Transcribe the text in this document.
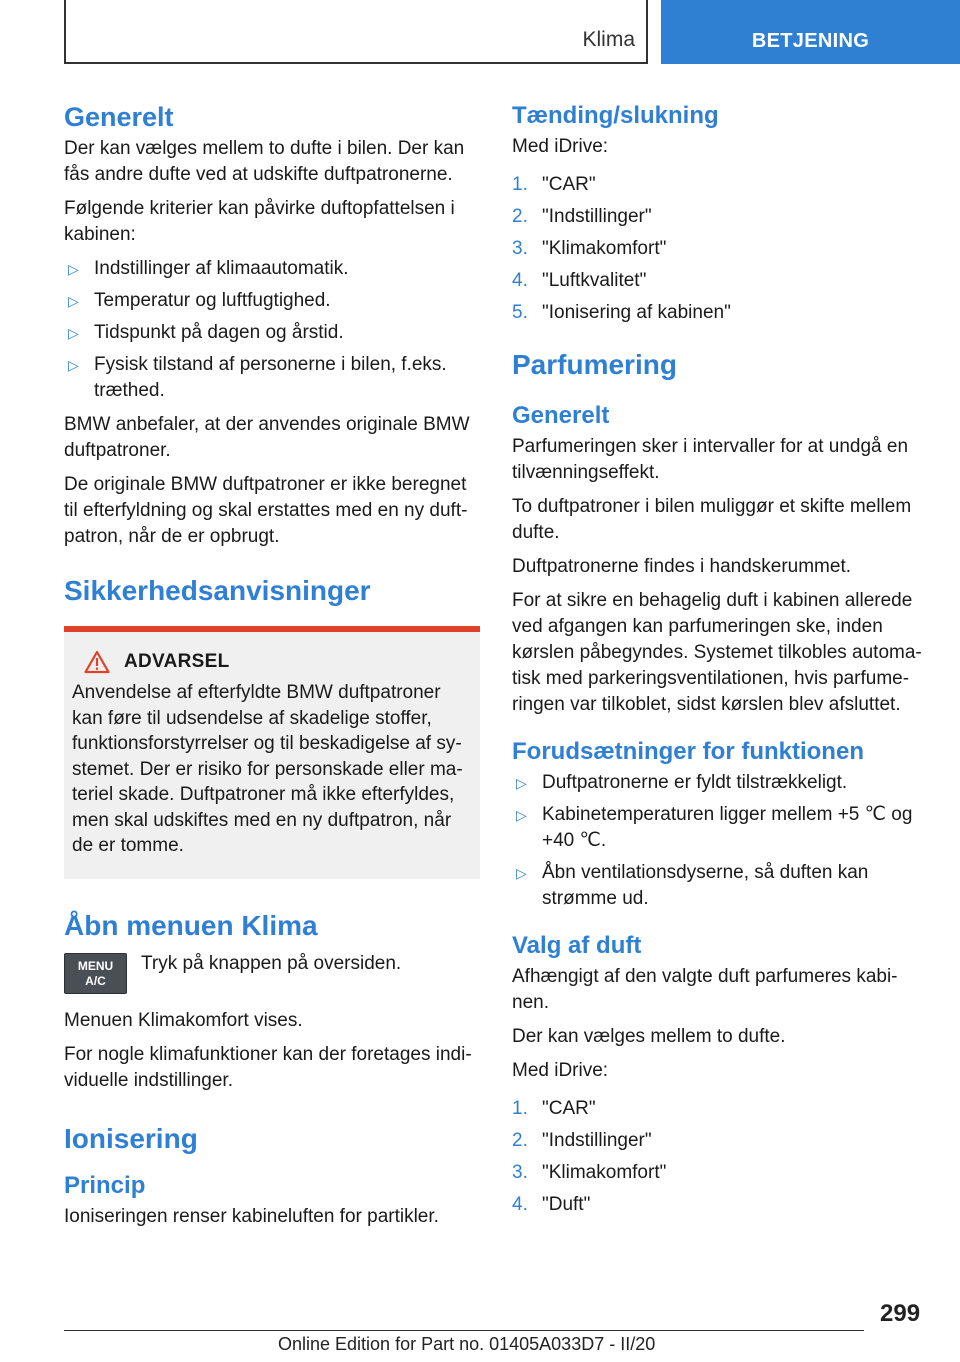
Klima	BETJENING
Generelt

Der kan vælges mellem to dufte i bilen. Der kan fås andre dufte ved at udskifte duftpatronerne.

Følgende kriterier kan påvirke duftopfattelsen i kabinen:

▷ Indstillinger af klimaautomatik.
▷ Temperatur og luftfugtighed.
▷ Tidspunkt på dagen og årstid.
▷ Fysisk tilstand af personerne i bilen, f.eks. træthed.

BMW anbefaler, at der anvendes originale BMW duftpatroner.

De originale BMW duftpatroner er ikke beregnet til efterfyldning og skal erstattes med en ny duft-patron, når de er opbrugt.

Sikkerhedsanvisninger
ADVARSEL

Anvendelse af efterfyldte BMW duftpatroner kan føre til udsendelse af skadelige stoffer, funktionsforstyrrelser og til beskadigelse af sy-stemet. Der er risiko for personskade eller ma-teriel skade. Duftpatroner må ikke efterfyldes, men skal udskiftes med en ny duftpatron, når de er tomme.

Åbn menuen Klima
MENU
A/C

Tryk på knappen på oversiden.

Menuen Klimakomfort vises.

For nogle klimafunktioner kan der foretages indi-viduelle indstillinger.

Ionisering
Princip

Ioniseringen renser kabineluften for partikler.

Tænding/slukning

Med iDrive:

1. "CAR"
2. "Indstillinger"
3. "Klimakomfort"
4. "Luftkvalitet"
5. "Ionisering af kabinen"
Parfumering
Generelt

Parfumeringen sker i intervaller for at undgå en tilvænningseffekt.

To duftpatroner i bilen muliggør et skifte mellem dufte.

Duftpatronerne findes i handskerummet.

For at sikre en behagelig duft i kabinen allerede ved afgangen kan parfumeringen ske, inden kørslen påbegyndes. Systemet tilkobles automa-tisk med parkeringsventilationen, hvis parfume-ringen var tilkoblet, sidst kørslen blev afsluttet.

Forudsætninger for funktionen
▷ Duftpatronerne er fyldt tilstrækkeligt.
▷ Kabinetemperaturen ligger mellem +5 ℃ og +40 ℃.
▷ Åbn ventilationsdyserne, så duften kan strømme ud.
Valg af duft

Afhængigt af den valgte duft parfumeres kabi-nen.

Der kan vælges mellem to dufte.

Med iDrive:

1. "CAR"
2. "Indstillinger"
3. "Klimakomfort"
4. "Duft"
299
Online Edition for Part no. 01405A033D7 - II/20
